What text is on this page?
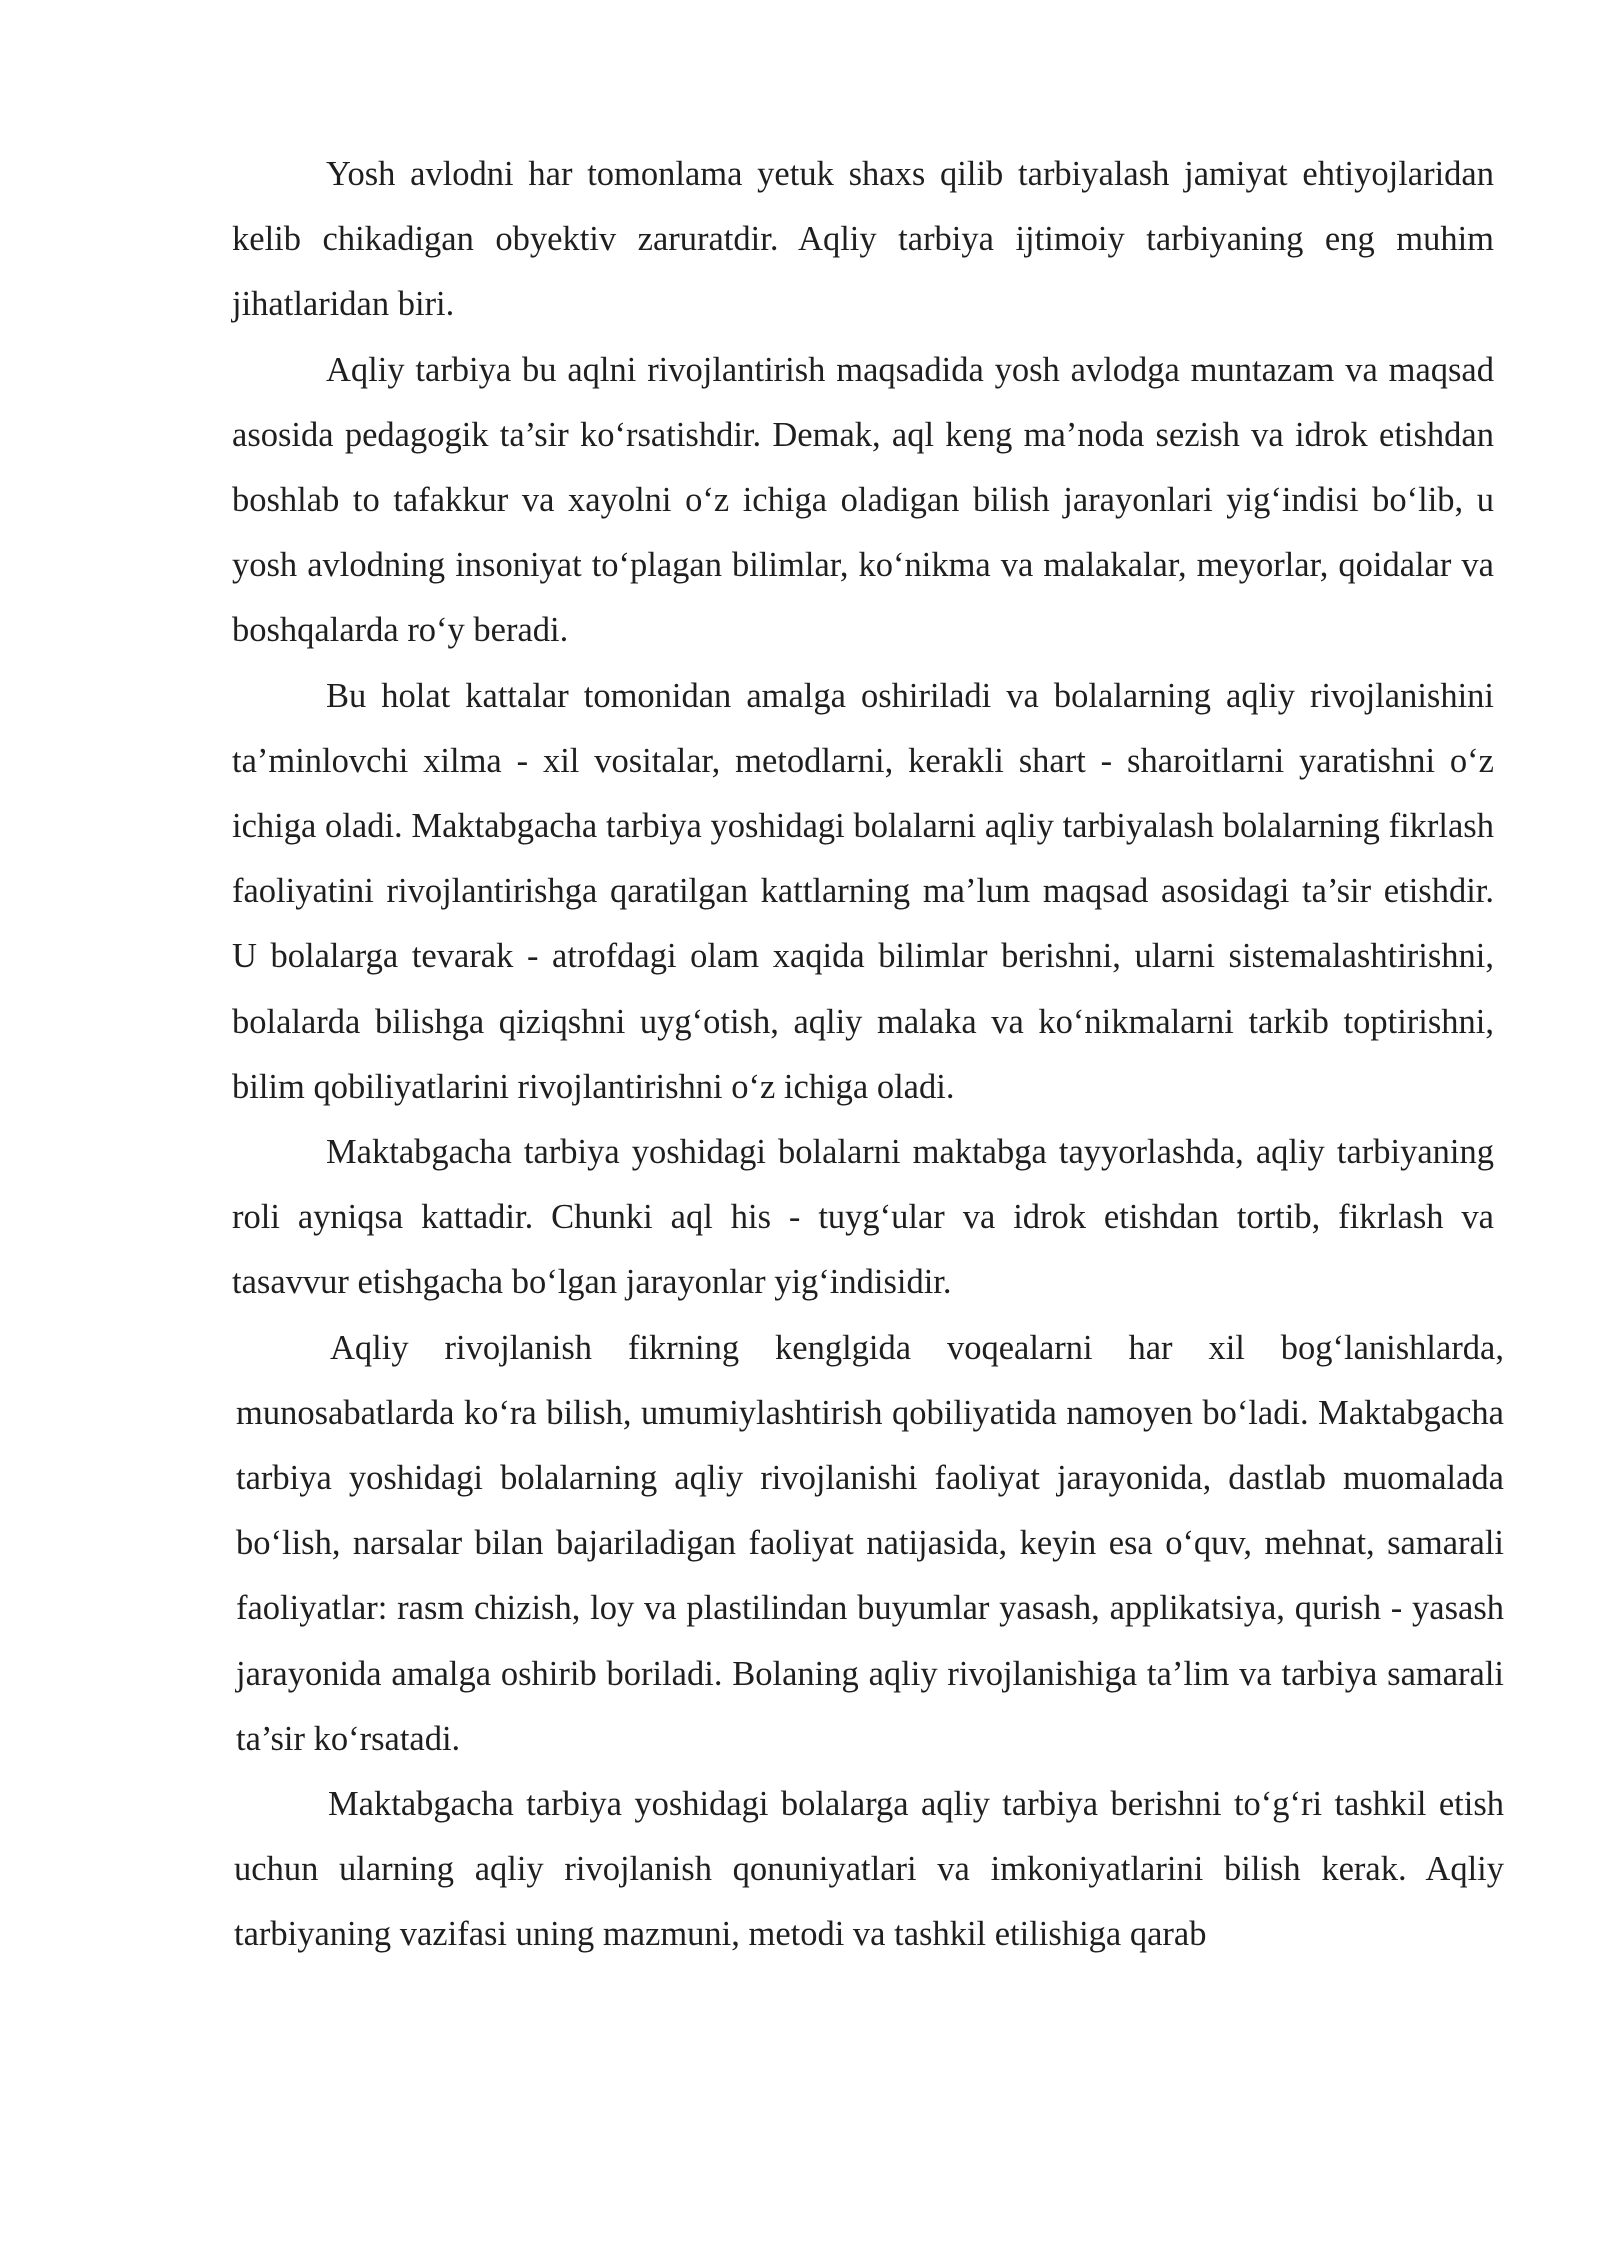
Yosh avlodni har tomonlama yetuk shaxs qilib tarbiyalash jamiyat ehtiyojlaridan kelib chikadigan obyektiv zaruratdir. Aqliy tarbiya ijtimoiy tarbiyaning eng muhim jihatlaridan biri.

Aqliy tarbiya bu aqlni rivojlantirish maqsadida yosh avlodga muntazam va maqsad asosida pedagogik ta’sir ko‘rsatishdir. Demak, aql keng ma’noda sezish va idrok etishdan boshlab to tafakkur va xayolni o‘z ichiga oladigan bilish jarayonlari yig‘indisi bo‘lib, u yosh avlodning insoniyat to‘plagan bilimlar, ko‘nikma va malakalar, meyorlar, qoidalar va boshqalarda ro‘y beradi.

Bu holat kattalar tomonidan amalga oshiriladi va bolalarning aqliy rivojlanishini ta’minlovchi xilma - xil vositalar, metodlarni, kerakli shart - sharoitlarni yaratishni o‘z ichiga oladi. Maktabgacha tarbiya yoshidagi bolalarni aqliy tarbiyalash bolalarning fikrlash faoliyatini rivojlantirishga qaratilgan kattlarning ma’lum maqsad asosidagi ta’sir etishdir. U bolalarga tevarak - atrofdagi olam xaqida bilimlar berishni, ularni sistemalashtirishni, bolalarda bilishga qiziqshni uyg‘otish, aqliy malaka va ko‘nikmalarni tarkib toptirishni, bilim qobiliyatlarini rivojlantirishni o‘z ichiga oladi.

Maktabgacha tarbiya yoshidagi bolalarni maktabga tayyorlashda, aqliy tarbiyaning roli ayniqsa kattadir. Chunki aql his - tuyg‘ular va idrok etishdan tortib, fikrlash va tasavvur etishgacha bo‘lgan jarayonlar yig‘indisidir.

Aqliy rivojlanish fikrning kenglgida voqealarni har xil bog‘lanishlarda, munosabatlarda ko‘ra bilish, umumiylashtirish qobiliyatida namoyen bo‘ladi. Maktabgacha tarbiya yoshidagi bolalarning aqliy rivojlanishi faoliyat jarayonida, dastlab muomalada bo‘lish, narsalar bilan bajariladigan faoliyat natijasida, keyin esa o‘quv, mehnat, samarali faoliyatlar: rasm chizish, loy va plastilindan buyumlar yasash, applikatsiya, qurish - yasash jarayonida amalga oshirib boriladi. Bolaning aqliy rivojlanishiga ta’lim va tarbiya samarali ta’sir ko‘rsatadi.

Maktabgacha tarbiya yoshidagi bolalarga aqliy tarbiya berishni to‘g‘ri tashkil etish uchun ularning aqliy rivojlanish qonuniyatlari va imkoniyatlarini bilish kerak. Aqliy tarbiyaning vazifasi uning mazmuni, metodi va tashkil etilishiga qarab
